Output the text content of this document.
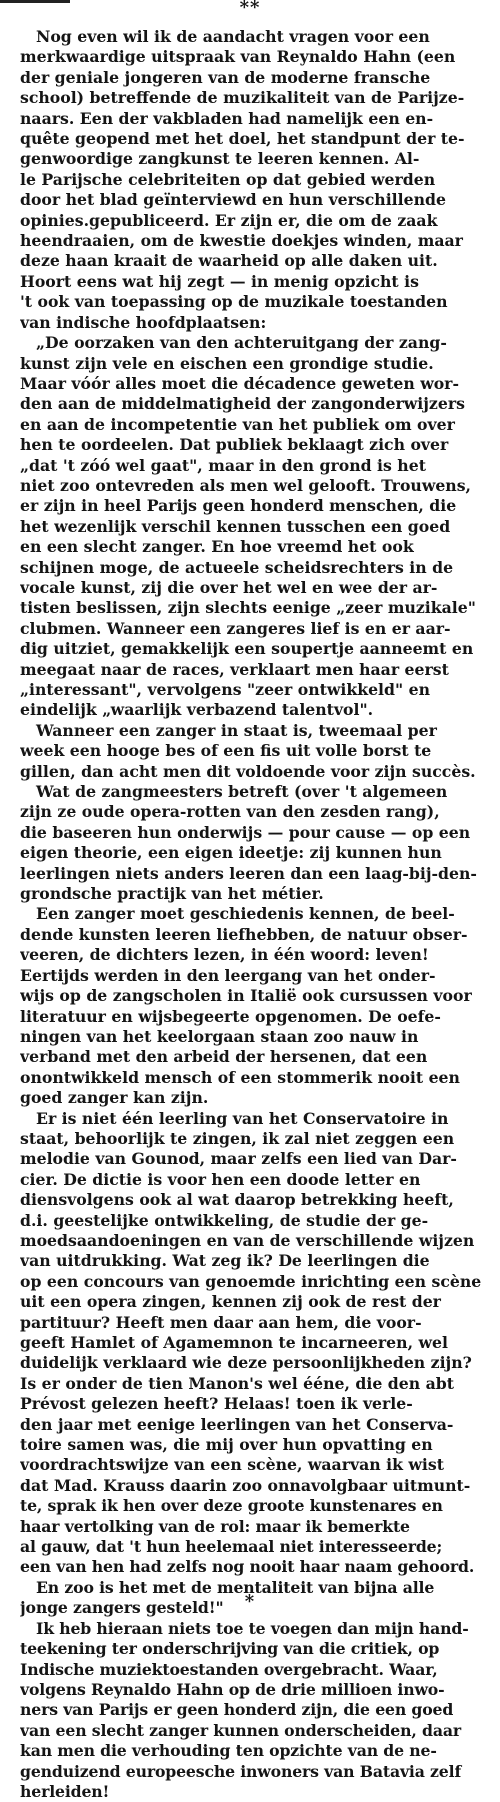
**
Nog even wil ik de aandacht vragen voor een
merkwaardige uitspraak van Reynaldo Hahn (een
der geniale jongeren van de moderne fransche
school) betreffende de muzikaliteit van de Parijze-
naars. Een der vakbladen had namelijk een en-
quête geopend met het doel, het standpunt der te-
genwoordige zangkunst te leeren kennen. Al-
le Parijsche celebriteiten op dat gebied werden
door het blad geïnterviewd en hun verschillende
opinies.gepubliceerd. Er zijn er, die om de zaak
heendraaien, om de kwestie doekjes winden, maar
deze haan kraait de waarheid op alle daken uit.
Hoort eens wat hij zegt — in menig opzicht is
't ook van toepassing op de muzikale toestanden
van indische hoofdplaatsen:
„De oorzaken van den achteruitgang der zang-
kunst zijn vele en eischen een grondige studie.
Maar vóór alles moet die décadence geweten wor-
den aan de middelmatigheid der zangonderwijzers
en aan de incompetentie van het publiek om over
hen te oordeelen. Dat publiek beklaagt zich over
„dat 't zóó wel gaat", maar in den grond is het
niet zoo ontevreden als men wel gelooft. Trouwens,
er zijn in heel Parijs geen honderd menschen, die
het wezenlijk verschil kennen tusschen een goed
en een slecht zanger. En hoe vreemd het ook
schijnen moge, de actueele scheidsrechters in de
vocale kunst, zij die over het wel en wee der ar-
tisten beslissen, zijn slechts eenige „zeer muzikale"
clubmen. Wanneer een zangeres lief is en er aar-
dig uitziet, gemakkelijk een soupertje aanneemt en
meegaat naar de races, verklaart men haar eerst
„interessant", vervolgens "zeer ontwikkeld" en
eindelijk „waarlijk verbazend talentvol".
Wanneer een zanger in staat is, tweemaal per
week een hooge bes of een fis uit volle borst te
gillen, dan acht men dit voldoende voor zijn succès.
Wat de zangmeesters betreft (over 't algemeen
zijn ze oude opera-rotten van den zesden rang),
die baseeren hun onderwijs — pour cause — op een
eigen theorie, een eigen ideetje: zij kunnen hun
leerlingen niets anders leeren dan een laag-bij-den-
grondsche practijk van het métier.
Een zanger moet geschiedenis kennen, de beel-
dende kunsten leeren liefhebben, de natuur obser-
veeren, de dichters lezen, in één woord: leven!
Eertijds werden in den leergang van het onder-
wijs op de zangscholen in Italië ook cursussen voor
literatuur en wijsbegeerte opgenomen. De oefe-
ningen van het keelorgaan staan zoo nauw in
verband met den arbeid der hersenen, dat een
onontwikkeld mensch of een stommerik nooit een
goed zanger kan zijn.
Er is niet één leerling van het Conservatoire in
staat, behoorlijk te zingen, ik zal niet zeggen een
melodie van Gounod, maar zelfs een lied van Dar-
cier. De dictie is voor hen een doode letter en
diensvolgens ook al wat daarop betrekking heeft,
d.i. geestelijke ontwikkeling, de studie der ge-
moedsaandoeningen en van de verschillende wijzen
van uitdrukking. Wat zeg ik? De leerlingen die
op een concours van genoemde inrichting een scène
uit een opera zingen, kennen zij ook de rest der
partituur? Heeft men daar aan hem, die voor-
geeft Hamlet of Agamemnon te incarneeren, wel
duidelijk verklaard wie deze persoonlijkheden zijn?
Is er onder de tien Manon's wel ééne, die den abt
Prévost gelezen heeft? Helaas! toen ik verle-
den jaar met eenige leerlingen van het Conserva-
toire samen was, die mij over hun opvatting en
voordrachtswijze van een scène, waarvan ik wist
dat Mad. Krauss daarin zoo onnavolgbaar uitmunt-
te, sprak ik hen over deze groote kunstenares en
haar vertolking van de rol: maar ik bemerkte
al gauw, dat 't hun heelemaal niet interesseerde;
een van hen had zelfs nog nooit haar naam gehoord.
En zoo is het met de mentaliteit van bijna alle
jonge zangers gesteld!"
Ik heb hieraan niets toe te voegen dan mijn hand-
teekening ter onderschrijving van die critiek, op
Indische muziektoestanden overgebracht. Waar,
volgens Reynaldo Hahn op de drie millioen inwo-
ners van Parijs er geen honderd zijn, die een goed
van een slecht zanger kunnen onderscheiden, daar
kan men die verhouding ten opzichte van de ne-
genduizend europeesche inwoners van Batavia zelf
herleiden!
*
